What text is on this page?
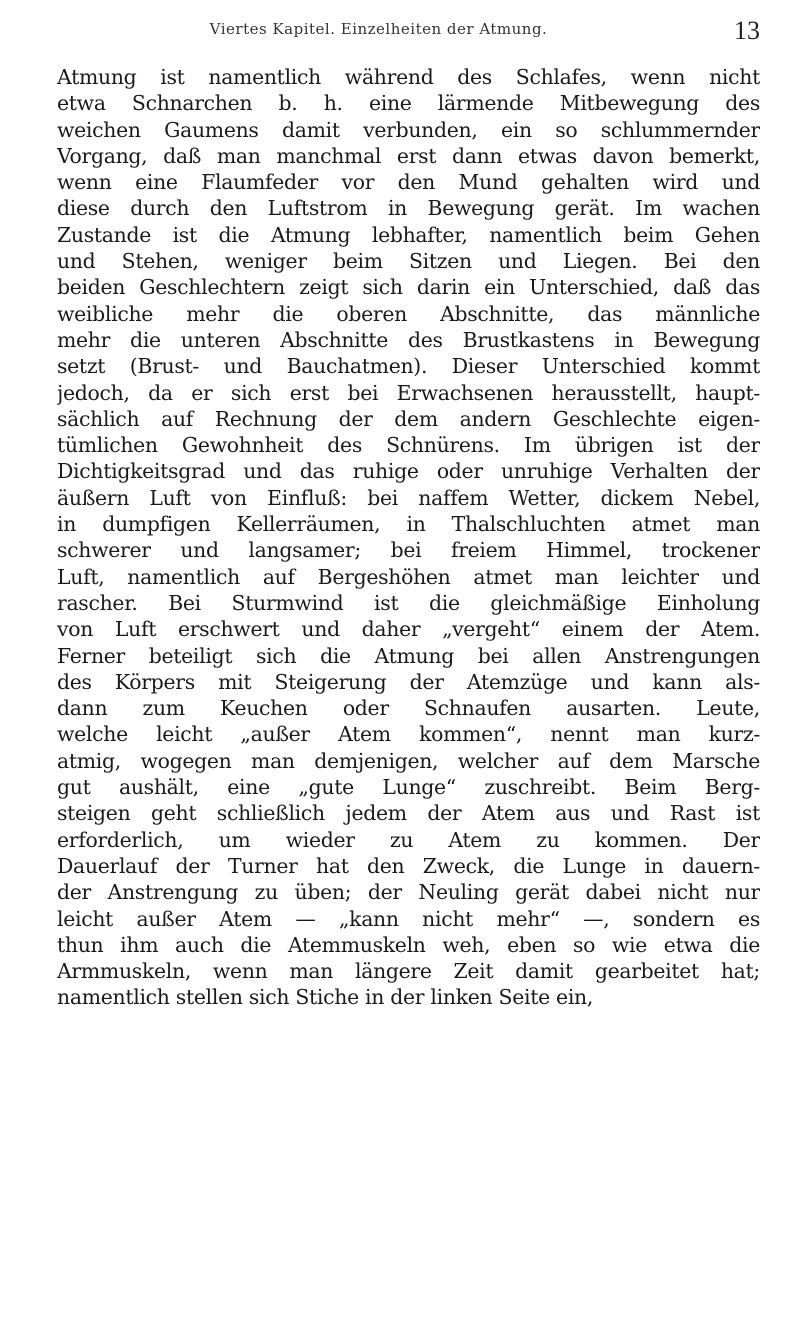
Viertes Kapitel. Einzelheiten der Atmung.	13
Atmung ist namentlich während des Schlafes, wenn nicht
etwa Schnarchen b. h. eine lärmende Mitbewegung des
weichen Gaumens damit verbunden, ein so schlummernder
Vorgang, daß man manchmal erst dann etwas davon bemerkt,
wenn eine Flaumfeder vor den Mund gehalten wird und
diese durch den Luftstrom in Bewegung gerät. Im wachen
Zustande ist die Atmung lebhafter, namentlich beim Gehen
und Stehen, weniger beim Sitzen und Liegen. Bei den
beiden Geschlechtern zeigt sich darin ein Unterschied, daß das
weibliche mehr die oberen Abschnitte, das männliche
mehr die unteren Abschnitte des Brustkastens in Bewegung
setzt (Brust- und Bauchatmen). Dieser Unterschied kommt
jedoch, da er sich erst bei Erwachsenen herausstellt, haupt-
sächlich auf Rechnung der dem andern Geschlechte eigen-
tümlichen Gewohnheit des Schnürens. Im übrigen ist der
Dichtigkeitsgrad und das ruhige oder unruhige Verhalten der
äußern Luft von Einfluß: bei naffem Wetter, dickem Nebel,
in dumpfigen Kellerräumen, in Thalschluchten atmet man
schwerer und langsamer; bei freiem Himmel, trockener
Luft, namentlich auf Bergeshöhen atmet man leichter und
rascher. Bei Sturmwind ist die gleichmäßige Einholung
von Luft erschwert und daher „vergeht“ einem der Atem.
Ferner beteiligt sich die Atmung bei allen Anstrengungen
des Körpers mit Steigerung der Atemzüge und kann als-
dann zum Keuchen oder Schnaufen ausarten. Leute,
welche leicht „außer Atem kommen“, nennt man kurz-
atmig, wogegen man demjenigen, welcher auf dem Marsche
gut aushält, eine „gute Lunge“ zuschreibt. Beim Berg-
steigen geht schließlich jedem der Atem aus und Rast ist
erforderlich, um wieder zu Atem zu kommen. Der
Dauerlauf der Turner hat den Zweck, die Lunge in dauern-
der Anstrengung zu üben; der Neuling gerät dabei nicht nur
leicht außer Atem — „kann nicht mehr“ —, sondern es
thun ihm auch die Atemmuskeln weh, eben so wie etwa die
Armmuskeln, wenn man längere Zeit damit gearbeitet hat;
namentlich stellen sich Stiche in der linken Seite ein,
